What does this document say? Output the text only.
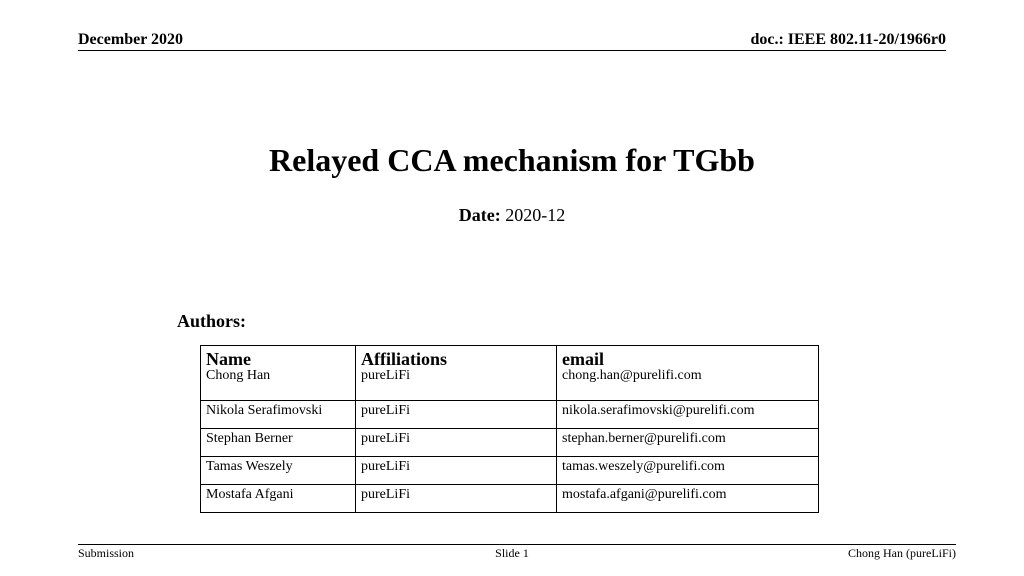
December 2020	doc.: IEEE 802.11-20/1966r0
Relayed CCA mechanism for TGbb
Date: 2020-12
Authors:
Name	Affiliations	email
Chong Han	pureLiFi	chong.han@purelifi.com
Nikola Serafimovski	pureLiFi	nikola.serafimovski@purelifi.com
Stephan Berner	pureLiFi	stephan.berner@purelifi.com
Tamas Weszely	pureLiFi	tamas.weszely@purelifi.com
Mostafa Afgani	pureLiFi	mostafa.afgani@purelifi.com
Submission	Slide 1	Chong Han (pureLiFi)
